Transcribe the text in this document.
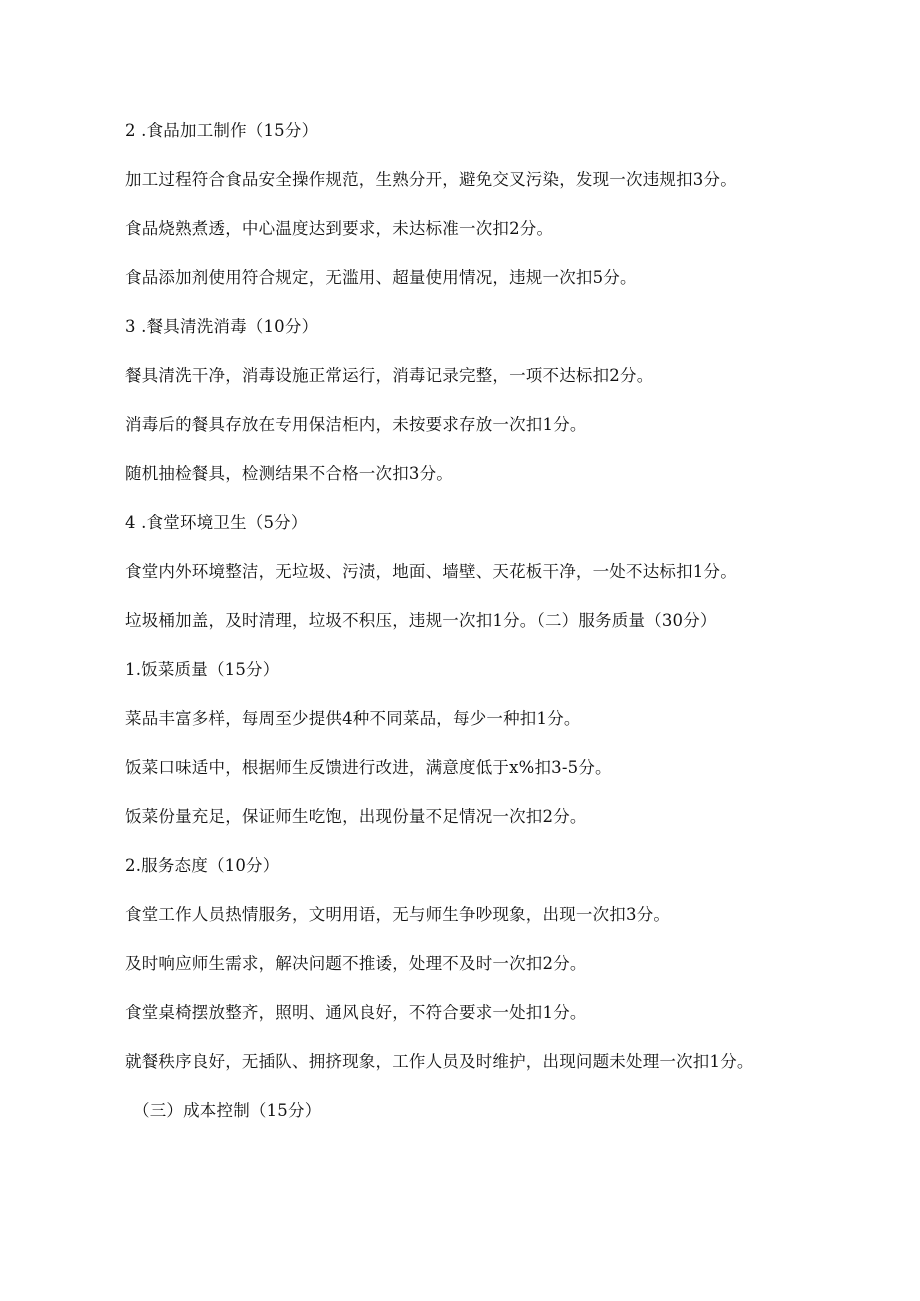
2 .食品加工制作（15分）
加工过程符合食品安全操作规范，生熟分开，避免交叉污染，发现一次违规扣3分。
食品烧熟煮透，中心温度达到要求，未达标准一次扣2分。
食品添加剂使用符合规定，无滥用、超量使用情况，违规一次扣5分。
3 .餐具清洗消毒（10分）
餐具清洗干净，消毒设施正常运行，消毒记录完整，一项不达标扣2分。
消毒后的餐具存放在专用保洁柜内，未按要求存放一次扣1分。
随机抽检餐具，检测结果不合格一次扣3分。
4 .食堂环境卫生（5分）
食堂内外环境整洁，无垃圾、污渍，地面、墙壁、天花板干净，一处不达标扣1分。
垃圾桶加盖，及时清理，垃圾不积压，违规一次扣1分。（二）服务质量（30分）
1.饭菜质量（15分）
菜品丰富多样，每周至少提供4种不同菜品，每少一种扣1分。
饭菜口味适中，根据师生反馈进行改进，满意度低于x%扣3-5分。
饭菜份量充足，保证师生吃饱，出现份量不足情况一次扣2分。
2.服务态度（10分）
食堂工作人员热情服务，文明用语，无与师生争吵现象，出现一次扣3分。
及时响应师生需求，解决问题不推诿，处理不及时一次扣2分。
食堂桌椅摆放整齐，照明、通风良好，不符合要求一处扣1分。
就餐秩序良好，无插队、拥挤现象，工作人员及时维护，出现问题未处理一次扣1分。
（三）成本控制（15分）
